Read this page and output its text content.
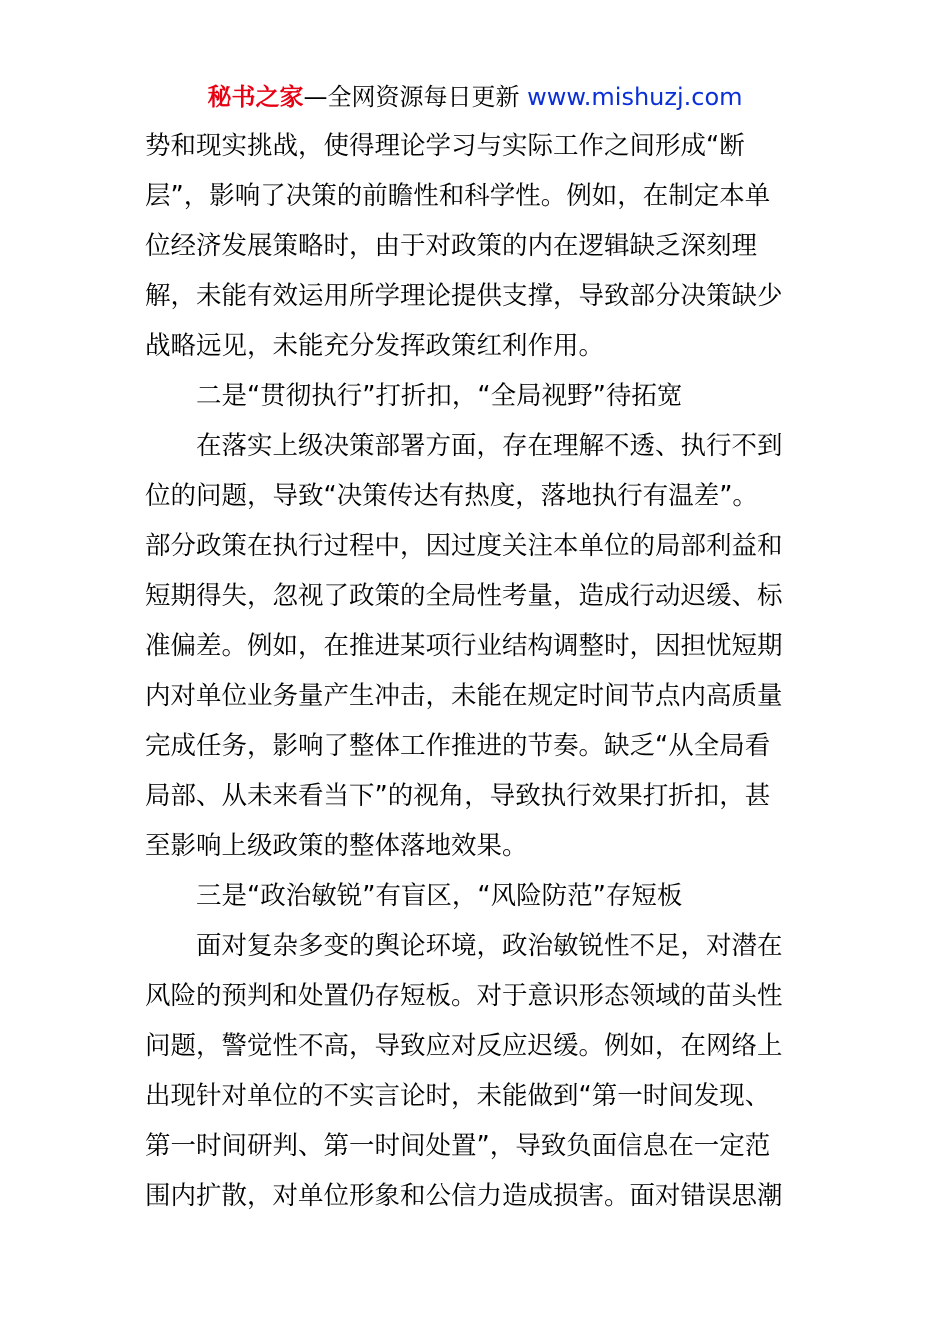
秘书之家—全网资源每日更新 www.mishuzj.com
势和现实挑战，使得理论学习与实际工作之间形成“断
层”，影响了决策的前瞻性和科学性。例如，在制定本单
位经济发展策略时，由于对政策的内在逻辑缺乏深刻理
解，未能有效运用所学理论提供支撑，导致部分决策缺少
战略远见，未能充分发挥政策红利作用。
二是“贯彻执行”打折扣，“全局视野”待拓宽
在落实上级决策部署方面，存在理解不透、执行不到
位的问题，导致“决策传达有热度，落地执行有温差”。
部分政策在执行过程中，因过度关注本单位的局部利益和
短期得失，忽视了政策的全局性考量，造成行动迟缓、标
准偏差。例如，在推进某项行业结构调整时，因担忧短期
内对单位业务量产生冲击，未能在规定时间节点内高质量
完成任务，影响了整体工作推进的节奏。缺乏“从全局看
局部、从未来看当下”的视角，导致执行效果打折扣，甚
至影响上级政策的整体落地效果。
三是“政治敏锐”有盲区，“风险防范”存短板
面对复杂多变的舆论环境，政治敏锐性不足，对潜在
风险的预判和处置仍存短板。对于意识形态领域的苗头性
问题，警觉性不高，导致应对反应迟缓。例如，在网络上
出现针对单位的不实言论时，未能做到“第一时间发现、
第一时间研判、第一时间处置”，导致负面信息在一定范
围内扩散，对单位形象和公信力造成损害。面对错误思潮
